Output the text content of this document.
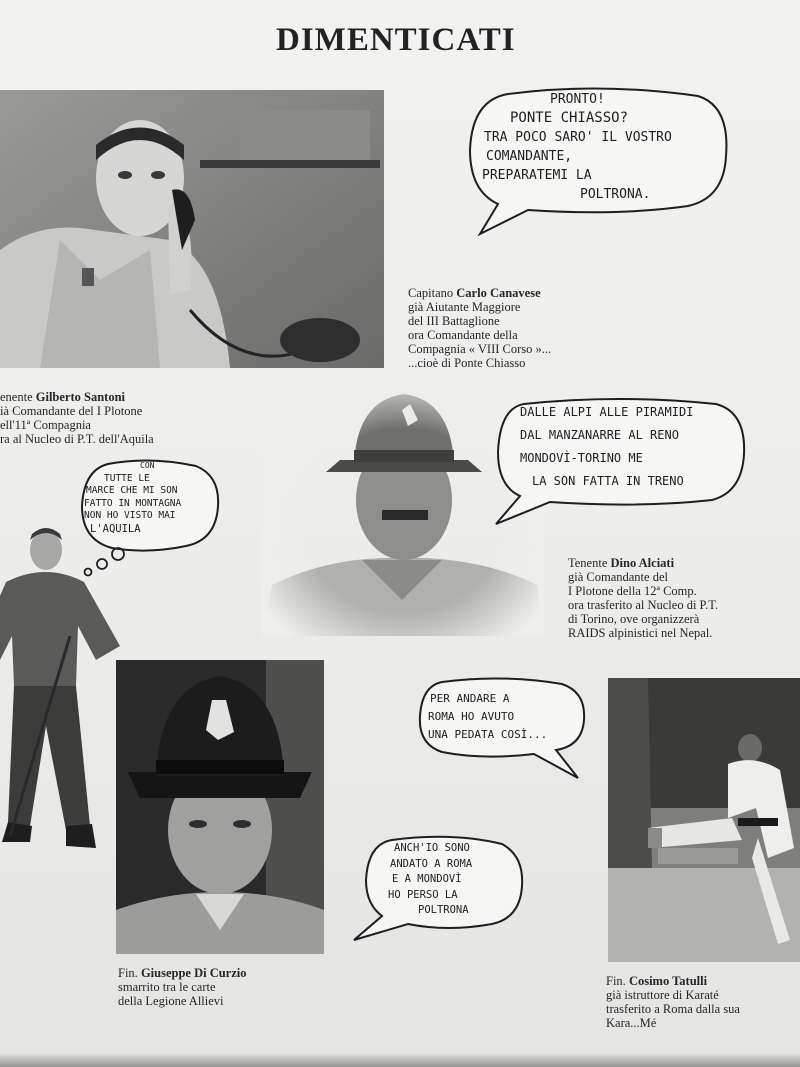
DIMENTICATI
PRONTO!
PONTE CHIASSO?
TRA POCO SARO' IL VOSTRO
COMANDANTE,
PREPARATEMI LA
POLTRONA.
Capitano Carlo Canavese
già Aiutante Maggiore
del III Battaglione
ora Comandante della
Compagnia « VIII Corso »...
...cioè di Ponte Chiasso
enente Gilberto Santoni
ià Comandante del I Plotone
ell'11ª Compagnia
ra al Nucleo di P.T. dell'Aquila
DALLE ALPI ALLE PIRAMIDI
DAL MANZANARRE AL RENO
MONDOVÌ-TORINO ME
LA SON FATTA IN TRENO
CON
TUTTE LE
MARCE CHE MI SON
FATTO IN MONTAGNA
NON HO VISTO MAI
L'AQUILA
Tenente Dino Alciati
già Comandante del
I Plotone della 12ª Comp.
ora trasferito al Nucleo di P.T.
di Torino, ove organizzerà
RAIDS alpinistici nel Nepal.
PER ANDARE A
ROMA HO AVUTO
UNA PEDATA COSÌ...
ANCH'IO SONO
ANDATO A ROMA
E A MONDOVÌ
HO PERSO LA
POLTRONA
Fin. Giuseppe Di Curzio
smarrito tra le carte
della Legione Allievi
Fin. Cosimo Tatulli
già istruttore di Karaté
trasferito a Roma dalla sua
Kara...Mé
